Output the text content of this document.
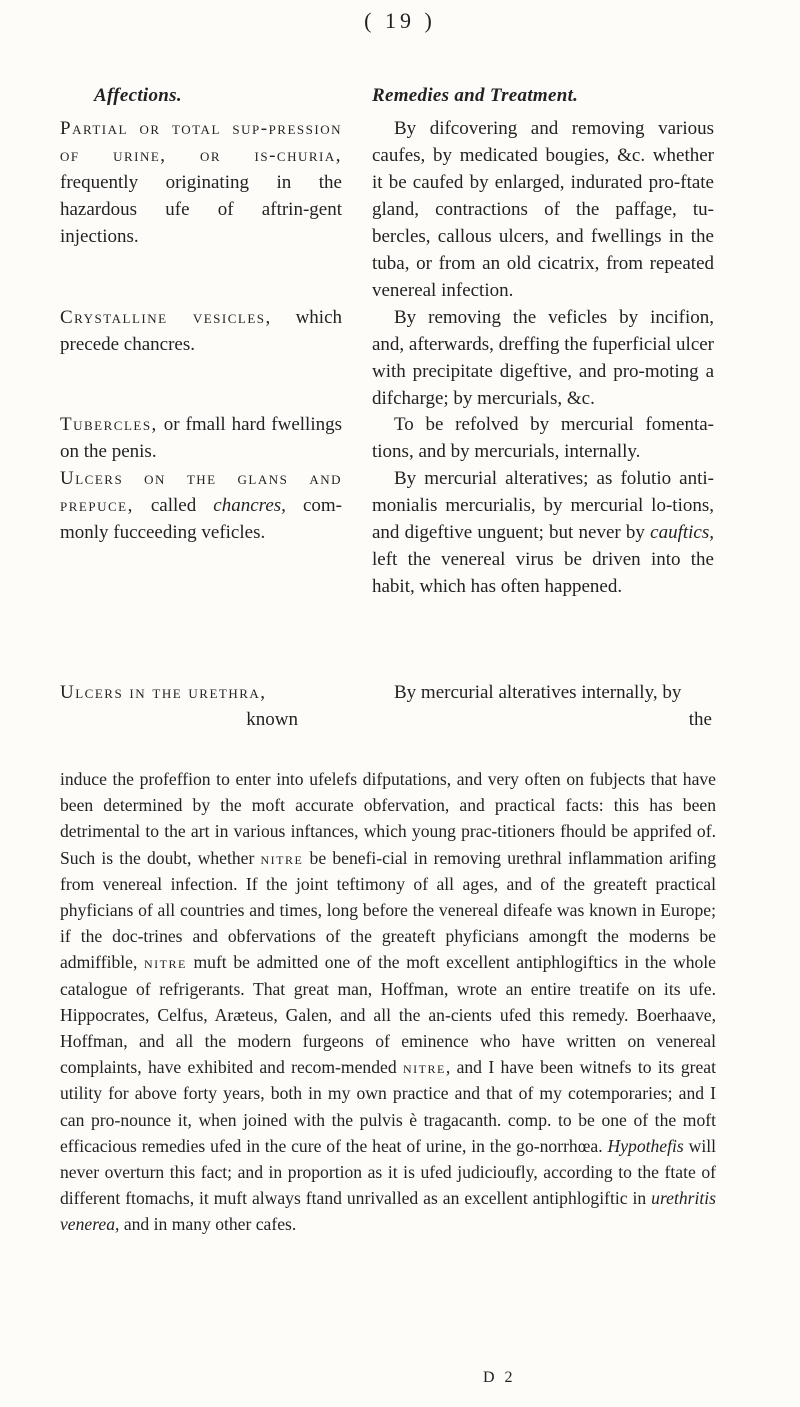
( 19 )
Affections.	Remedies and Treatment.
Partial or total sup-pression of urine, or is-churia, frequently originating in the hazardous ufe of aftrin-gent injections.
By difcovering and removing various caufes, by medicated bougies, &c. whether it be caufed by enlarged, indurated pro-ftate gland, contractions of the paffage, tu-bercles, callous ulcers, and fwellings in the tuba, or from an old cicatrix, from repeated venereal infection.
Crystalline vesicles, which precede chancres.
By removing the veficles by incifion, and, afterwards, dreffing the fuperficial ulcer with precipitate digeftive, and pro-moting a difcharge; by mercurials, &c.
Tubercles, or fmall hard fwellings on the penis.
To be refolved by mercurial fomenta-tions, and by mercurials, internally.
Ulcers on the glans and prepuce, called chancres, com-monly fucceeding veficles.
By mercurial alteratives; as folutio anti-monialis mercurialis, by mercurial lo-tions, and digeftive unguent; but never by cauftics, left the venereal virus be driven into the habit, which has often happened.
Ulcers in the urethra,
known
By mercurial alteratives internally, by
the
induce the profeffion to enter into ufelefs difputations, and very often on fubjects that have been determined by the moft accurate obfervation, and practical facts: this has been detrimental to the art in various inftances, which young prac-titioners fhould be apprifed of. Such is the doubt, whether nitre be benefi-cial in removing urethral inflammation arifing from venereal infection. If the joint teftimony of all ages, and of the greateft practical phyficians of all countries and times, long before the venereal difeafe was known in Europe; if the doc-trines and obfervations of the greateft phyficians amongft the moderns be admiffible, nitre muft be admitted one of the moft excellent antiphlogiftics in the whole catalogue of refrigerants. That great man, Hoffman, wrote an entire treatife on its ufe. Hippocrates, Celfus, Aræteus, Galen, and all the an-cients ufed this remedy. Boerhaave, Hoffman, and all the modern furgeons of eminence who have written on venereal complaints, have exhibited and recom-mended nitre, and I have been witnefs to its great utility for above forty years, both in my own practice and that of my cotemporaries; and I can pro-nounce it, when joined with the pulvis è tragacanth. comp. to be one of the moft efficacious remedies ufed in the cure of the heat of urine, in the go-norrhœa. Hypothefis will never overturn this fact; and in proportion as it is ufed judicioufly, according to the ftate of different ftomachs, it muft always ftand unrivalled as an excellent antiphlogiftic in urethritis venerea, and in many other cafes.
D 2
